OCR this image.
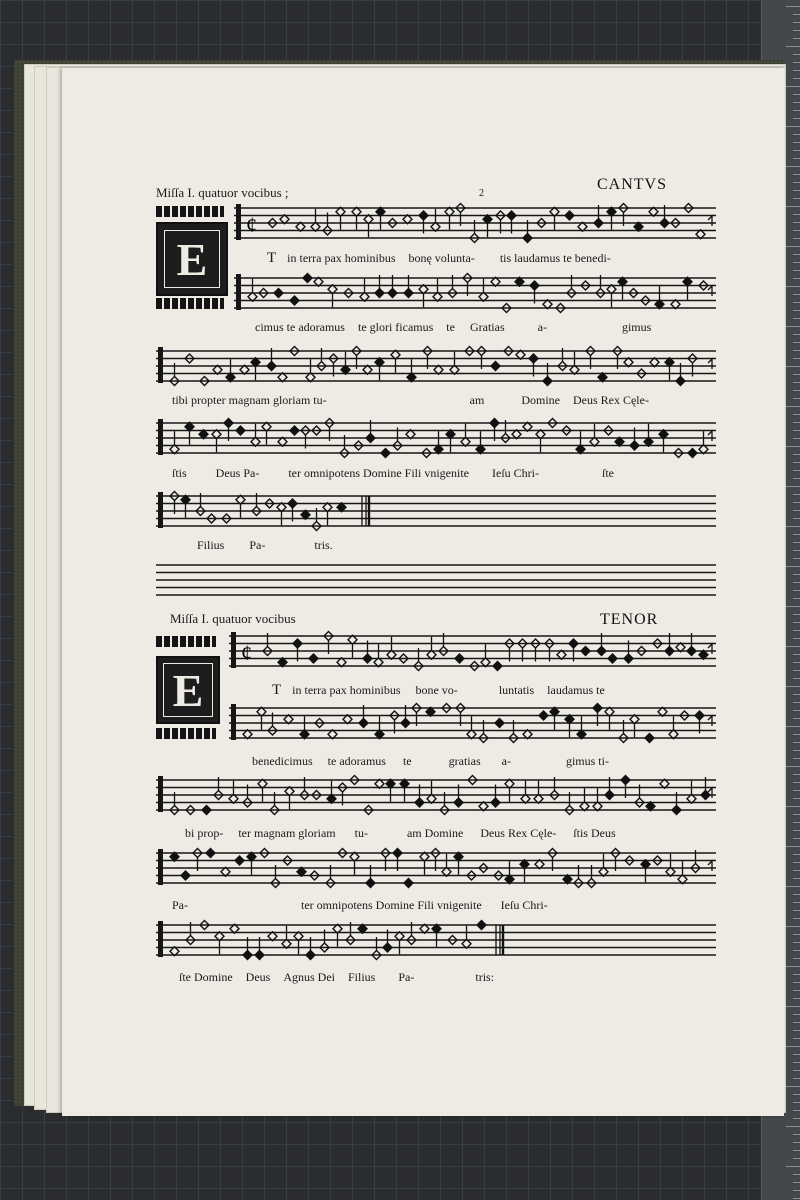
Miſſa I. quatuor vocibus ;	2
CANTVS
E
Miſſa I. quatuor vocibus	TENOR
E
T in terra pax hominibus bonę volunta- tis laudamus te benedi-
cimus te adoramus te glori ficamus te Gratias	a-	gimus
tibi propter magnam gloriam tu-	am	Domine Deus Rex Cęle-
ſtis Deus Pa- ter omnipotens Domine Fili vnigenite Ieſu Chri-	ſte
Filius Pa-	tris.
T in terra pax hominibus bone vo-	luntatis laudamus te
benedicimus te adoramus te	gratias a-	gimus ti-
bi prop- ter magnam gloriam tu-	am Domine Deus Rex Cęle- ſtis Deus
Pa-	ter omnipotens Domine Fili vnigenite Ieſu Chri-
ſte Domine Deus Agnus Dei Filius Pa-	tris:
¢
¢
